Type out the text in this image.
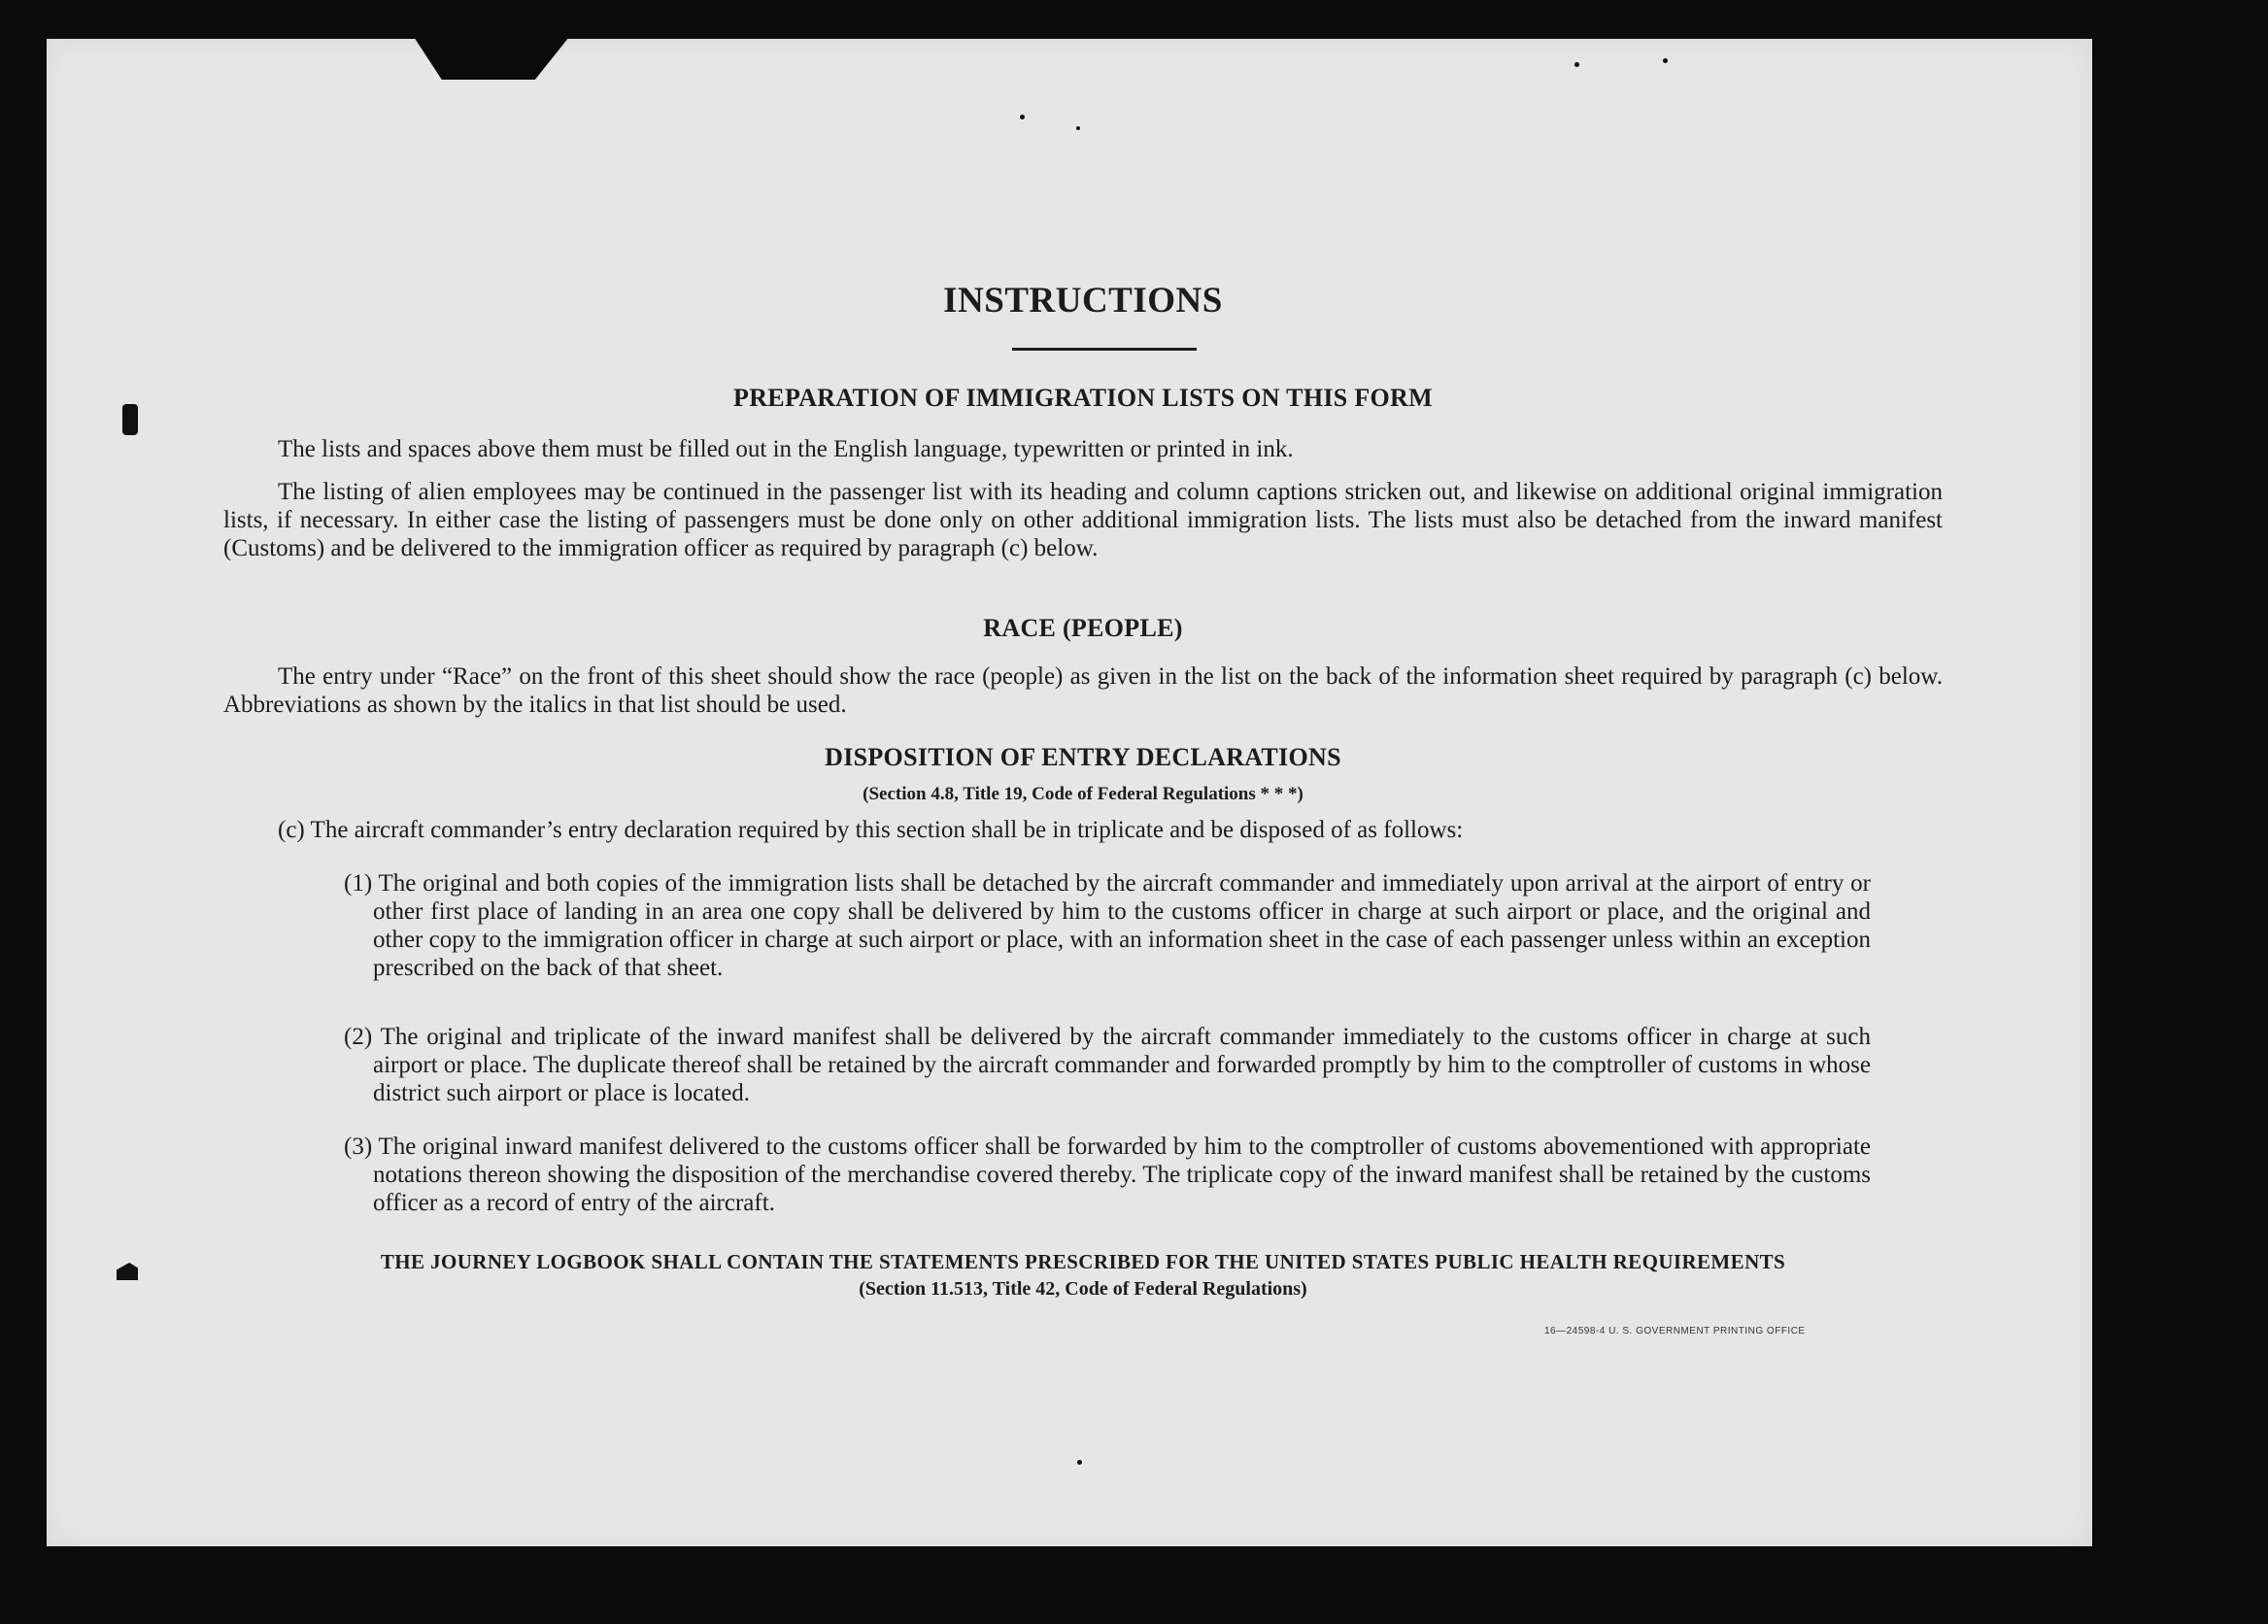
INSTRUCTIONS
PREPARATION OF IMMIGRATION LISTS ON THIS FORM

The lists and spaces above them must be filled out in the English language, typewritten or printed in ink.

The listing of alien employees may be continued in the passenger list with its heading and column captions stricken out, and likewise on additional original immigration lists, if necessary. In either case the listing of passengers must be done only on other additional immigration lists. The lists must also be detached from the inward manifest (Customs) and be delivered to the immigration officer as required by paragraph (c) below.

RACE (PEOPLE)

The entry under “Race” on the front of this sheet should show the race (people) as given in the list on the back of the information sheet required by paragraph (c) below. Abbreviations as shown by the italics in that list should be used.

DISPOSITION OF ENTRY DECLARATIONS

(Section 4.8, Title 19, Code of Federal Regulations * * *)

(c) The aircraft commander’s entry declaration required by this section shall be in triplicate and be disposed of as follows:

(1) The original and both copies of the immigration lists shall be detached by the aircraft commander and immediately upon arrival at the airport of entry or other first place of landing in an area one copy shall be delivered by him to the customs officer in charge at such airport or place, and the original and other copy to the immigration officer in charge at such airport or place, with an information sheet in the case of each passenger unless within an exception prescribed on the back of that sheet.

(2) The original and triplicate of the inward manifest shall be delivered by the aircraft commander immediately to the customs officer in charge at such airport or place. The duplicate thereof shall be retained by the aircraft commander and forwarded promptly by him to the comptroller of customs in whose district such airport or place is located.

(3) The original inward manifest delivered to the customs officer shall be forwarded by him to the comptroller of customs abovementioned with appropriate notations thereon showing the disposition of the merchandise covered thereby. The triplicate copy of the inward manifest shall be retained by the customs officer as a record of entry of the aircraft.

THE JOURNEY LOGBOOK SHALL CONTAIN THE STATEMENTS PRESCRIBED FOR THE UNITED STATES PUBLIC HEALTH REQUIREMENTS

(Section 11.513, Title 42, Code of Federal Regulations)

16—24598-4 U. S. GOVERNMENT PRINTING OFFICE
